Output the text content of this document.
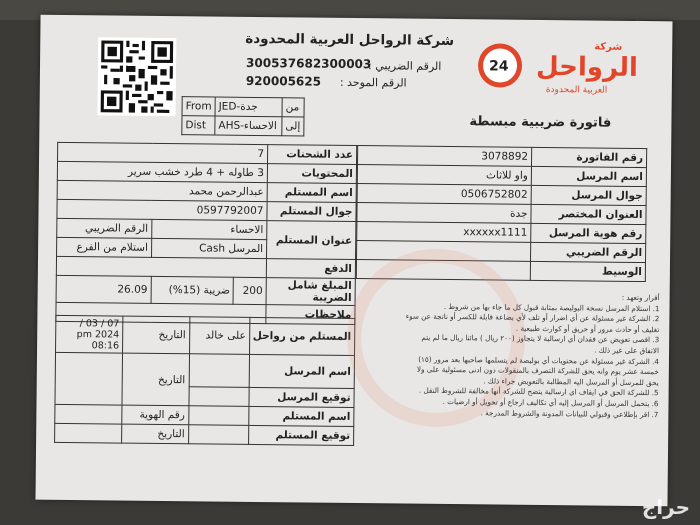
شركة الرواحل العربية المحدودة
300537682300003
الرقم الضريبي :
920005625 الرقم الموحد :
24
شركة
الرواحل
العربية المحدودة
فاتورة ضريبية مبسطة
From	JED-جدة	من
Dist	AHS-الاحساء	إلى
رقم الفاتورة	3078892
اسم المرسل	واو للاثاث
جوال المرسل	0506752802
العنوان المختصر	جدة
رقم هوية المرسل	xxxxxx1111
الرقم الضريبي	
الوسيط	
عدد الشحنات	7		
المحتويات	3 طاوله + 4 طرد خشب سرير		
اسم المستلم	عبدالرحمن محمد		
جوال المستلم	0597792007		
عنوان المستلم	الاحساء		الرقم الضريبي
	المرسل Cash		استلام من الفرع
الدفع			
المبلغ شامل الضريبة	200	ضريبة (15%)	26.09
ملاحظات			
المستلم من رواحل	على خالد	التاريخ	07 / 03 / 2024 pm 08:16
اسم المرسل		التاريخ	
توقيع المرسل			
اسم المستلم		رقم الهوية	
توقيع المستلم		التاريخ	
أقرار وتعهد :
1. استلام المرسل نسخة البوليصة بمثابة قبول كل ما جاء بها من شروط .
2. الشركة غير مسئولة عن أي اضرار أو تلف لأي بضاعة قابلة للكسر أو ناتجة عن سوء
تغليف أو حادث مرور أو حريق أو كوارث طبيعية .
3. اقصى تعويض عن فقدان أي ارسالية لا يتجاوز (٢٠٠ ريال ) مائتا ريال ما لم يتم
الاتفاق على غير ذلك .
4. الشركة غير مسئولة عن محتويات أي بوليصة لم يتسلمها صاحبها بعد مرور (١٥)
خمسة عشر يوم وانه يحق للشركة التصرف بالمنقولات دون ادنى مسئولية على ولا
يحق للمرسل أو المرسل اليه المطالبة بالتعويض جراء ذلك .
5. للشركة الحق في ايقاف اي ارسالية يتضح للشركة أنها مخالفة للشروط النقل .
6. يتحمل المرسل أو المرسل إليه أي تكاليف ارجاع أو تحويل أو ارضيات .
7. اقر بإطلاعي وقبولي للبيانات المدونة والشروط المدرجة .
حراج
